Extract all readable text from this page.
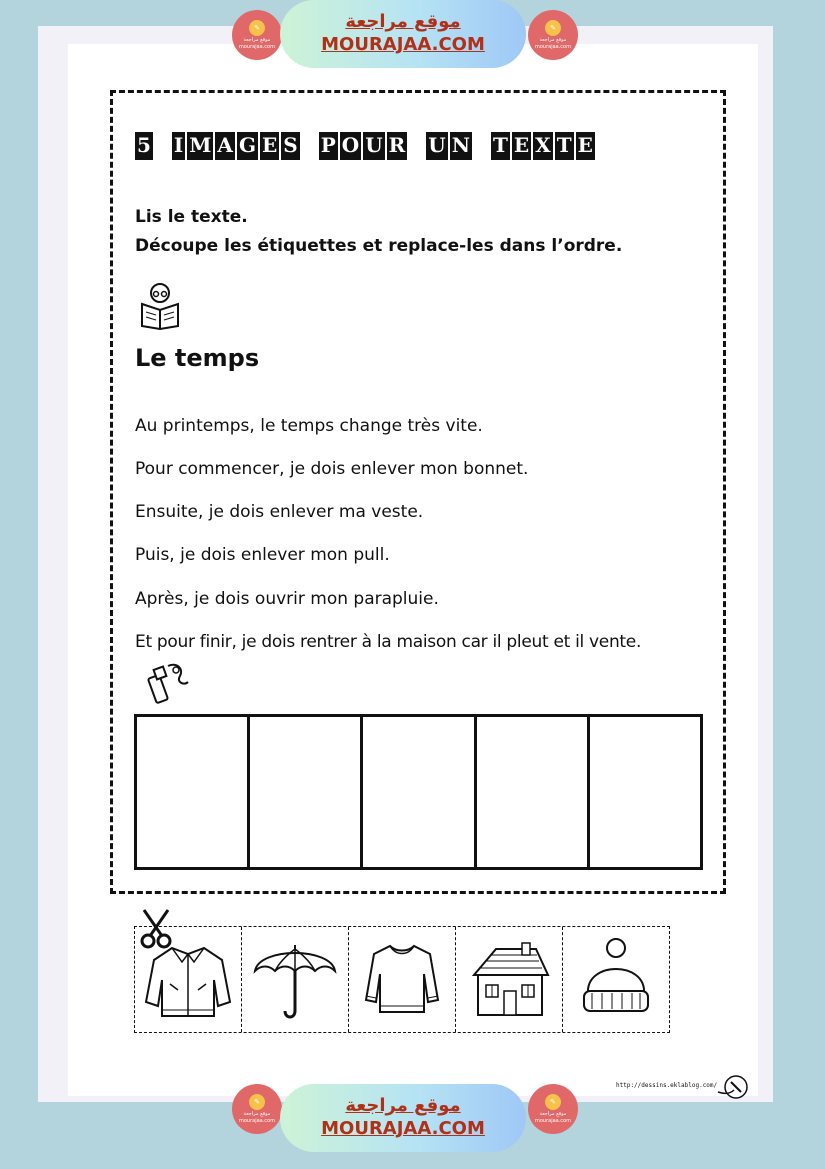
✎
موقع مراجعة
mourajaa.com
موقع مراجعة
MOURAJAA.COM
✎
موقع مراجعة
mourajaa.com
5 I M A G E S P O U R U N T E X T E
Lis le texte.
Découpe les étiquettes et replace-les dans l’ordre.
Le temps
Au printemps, le temps change très vite.
Pour commencer, je dois enlever mon bonnet.
Ensuite, je dois enlever ma veste.
Puis, je dois enlever mon pull.
Après, je dois ouvrir mon parapluie.
Et pour finir, je dois rentrer à la maison car il pleut et il vente.
http://dessins.eklablog.com/
✎
موقع مراجعة
mourajaa.com
موقع مراجعة
MOURAJAA.COM
✎
موقع مراجعة
mourajaa.com
